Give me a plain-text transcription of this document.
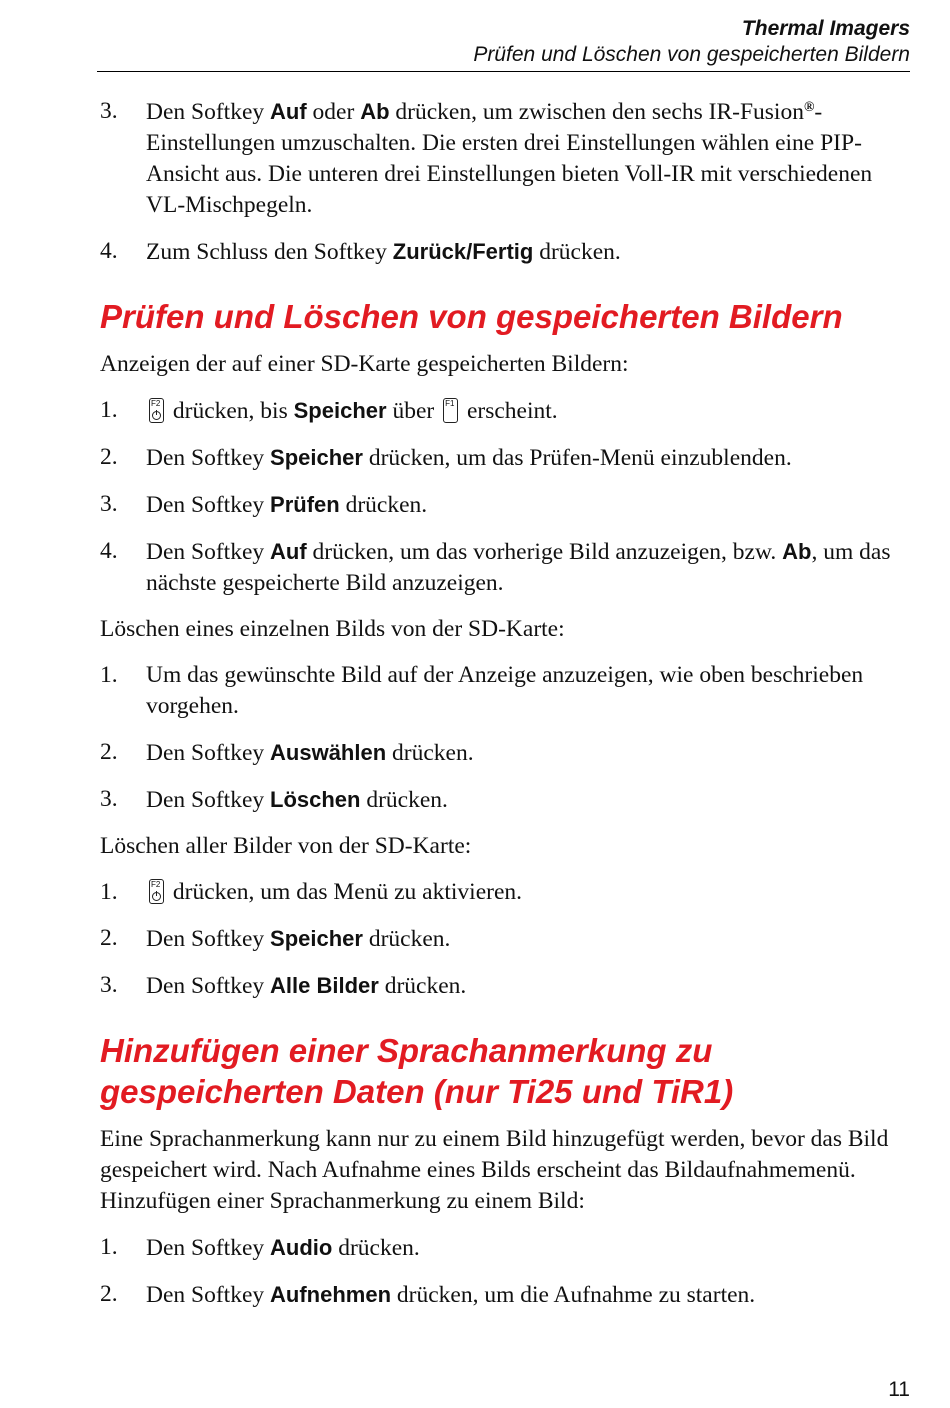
Thermal Imagers
Prüfen und Löschen von gespeicherten Bildern
3. Den Softkey Auf oder Ab drücken, um zwischen den sechs IR-Fusion®-Einstellungen umzuschalten. Die ersten drei Einstellungen wählen eine PIP-Ansicht aus. Die unteren drei Einstellungen bieten Voll-IR mit verschiedenen VL-Mischpegeln.
4. Zum Schluss den Softkey Zurück/Fertig drücken.
Prüfen und Löschen von gespeicherten Bildern

Anzeigen der auf einer SD-Karte gespeicherten Bildern:

1.	F2 drücken, bis Speicher über F1 erscheint.
2. Den Softkey Speicher drücken, um das Prüfen-Menü einzublenden.
3. Den Softkey Prüfen drücken.
4. Den Softkey Auf drücken, um das vorherige Bild anzuzeigen, bzw. Ab, um das nächste gespeicherte Bild anzuzeigen.

Löschen eines einzelnen Bilds von der SD-Karte:

1. Um das gewünschte Bild auf der Anzeige anzuzeigen, wie oben beschrieben vorgehen.
2. Den Softkey Auswählen drücken.
3. Den Softkey Löschen drücken.

Löschen aller Bilder von der SD-Karte:

1.	F2 drücken, um das Menü zu aktivieren.
2. Den Softkey Speicher drücken.
3. Den Softkey Alle Bilder drücken.
Hinzufügen einer Sprachanmerkung zu gespeicherten Daten (nur Ti25 und TiR1)

Eine Sprachanmerkung kann nur zu einem Bild hinzugefügt werden, bevor das Bild gespeichert wird. Nach Aufnahme eines Bilds erscheint das Bildaufnahmemenü. Hinzufügen einer Sprachanmerkung zu einem Bild:

1. Den Softkey Audio drücken.
2. Den Softkey Aufnehmen drücken, um die Aufnahme zu starten.
11
